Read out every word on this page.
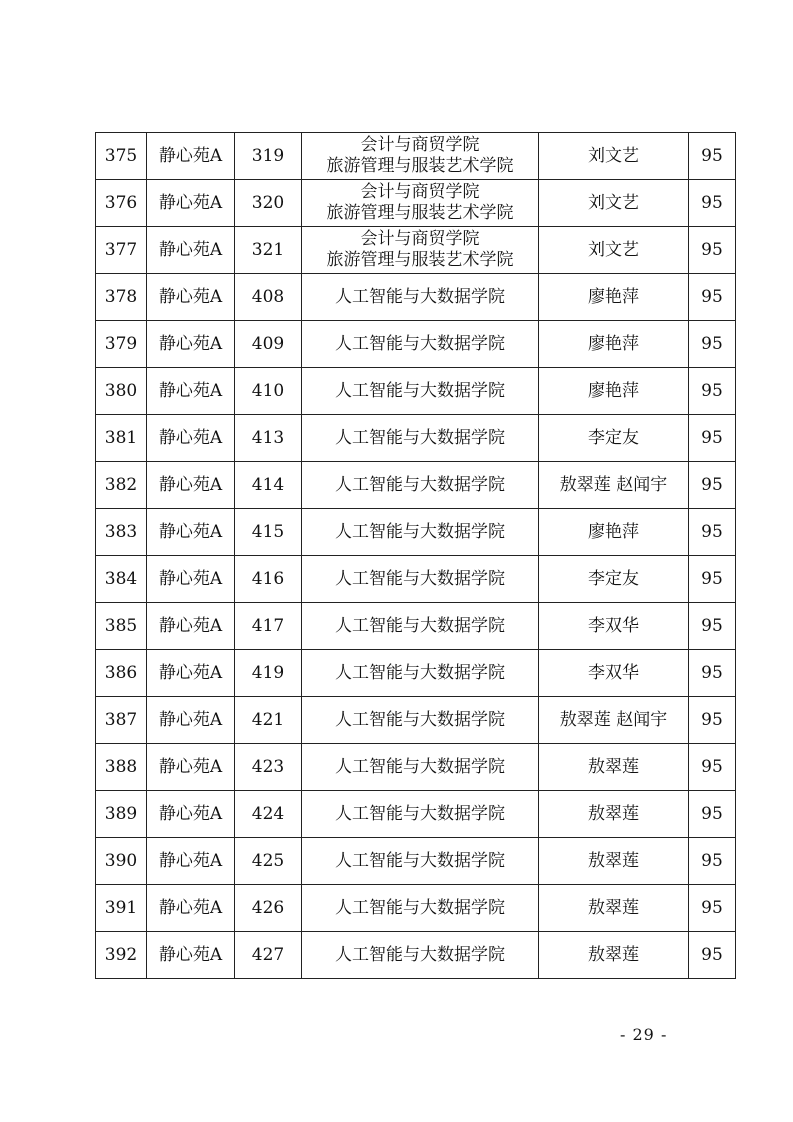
375	静心苑A	319	会计与商贸学院
旅游管理与服装艺术学院	刘文艺	95
376	静心苑A	320	会计与商贸学院
旅游管理与服装艺术学院	刘文艺	95
377	静心苑A	321	会计与商贸学院
旅游管理与服装艺术学院	刘文艺	95
378	静心苑A	408	人工智能与大数据学院	廖艳萍	95
379	静心苑A	409	人工智能与大数据学院	廖艳萍	95
380	静心苑A	410	人工智能与大数据学院	廖艳萍	95
381	静心苑A	413	人工智能与大数据学院	李定友	95
382	静心苑A	414	人工智能与大数据学院	敖翠莲 赵闻宇	95
383	静心苑A	415	人工智能与大数据学院	廖艳萍	95
384	静心苑A	416	人工智能与大数据学院	李定友	95
385	静心苑A	417	人工智能与大数据学院	李双华	95
386	静心苑A	419	人工智能与大数据学院	李双华	95
387	静心苑A	421	人工智能与大数据学院	敖翠莲 赵闻宇	95
388	静心苑A	423	人工智能与大数据学院	敖翠莲	95
389	静心苑A	424	人工智能与大数据学院	敖翠莲	95
390	静心苑A	425	人工智能与大数据学院	敖翠莲	95
391	静心苑A	426	人工智能与大数据学院	敖翠莲	95
392	静心苑A	427	人工智能与大数据学院	敖翠莲	95
- 29 -
